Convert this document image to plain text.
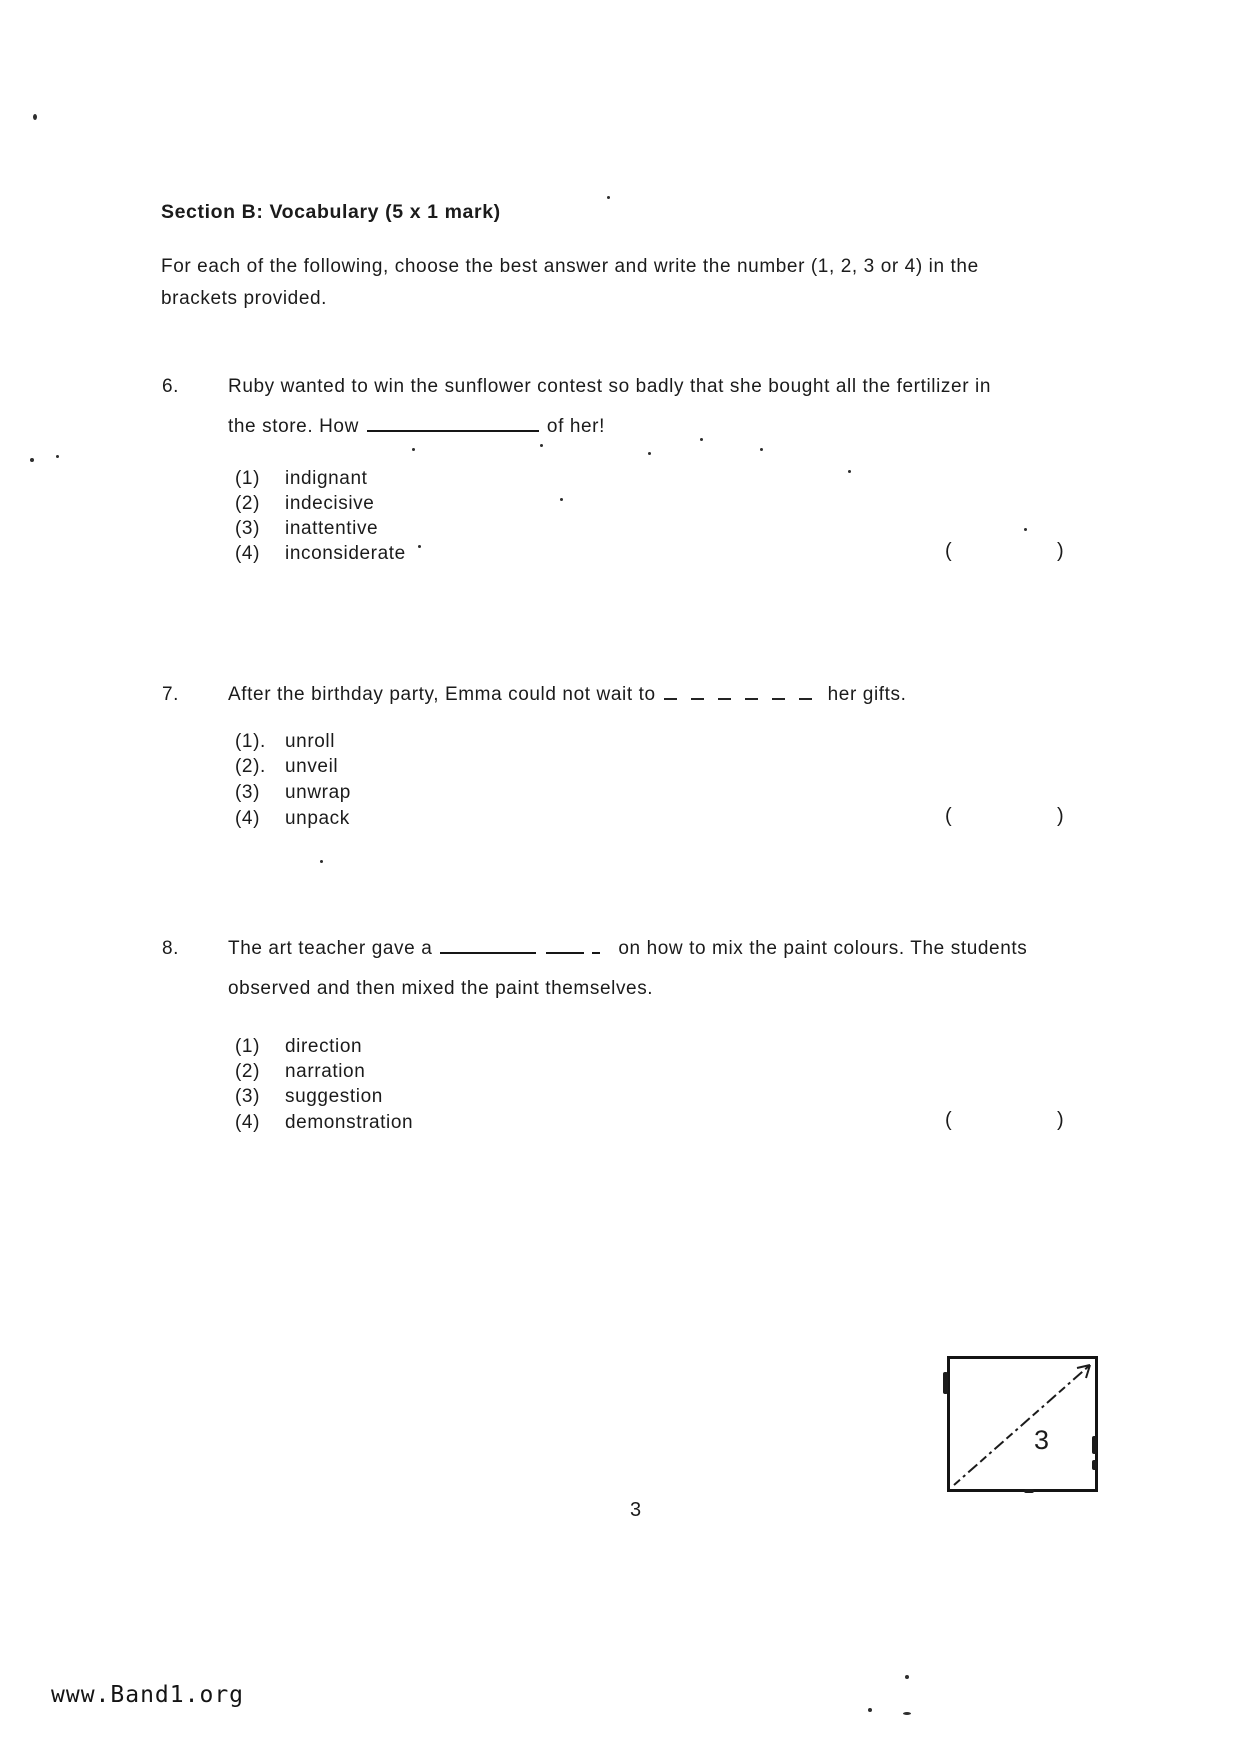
Section B: Vocabulary (5 x 1 mark)
For each of the following, choose the best answer and write the number (1, 2, 3 or 4) in the
brackets provided.
6.	Ruby wanted to win the sunflower contest so badly that she bought all the fertilizer in
the store. How	of her!
(1) indignant
(2) indecisive
(3) inattentive
(4) inconsiderate	(	)
7.	After the birthday party, Emma could not wait to	her gifts.
(1). unroll
(2). unveil
(3) unwrap
(4) unpack	(	)
8.	The art teacher gave a	on how to mix the paint colours. The students
observed and then mixed the paint themselves.
(1) direction
(2) narration
(3) suggestion
(4) demonstration	(	)
3
3
www.Band1.org
